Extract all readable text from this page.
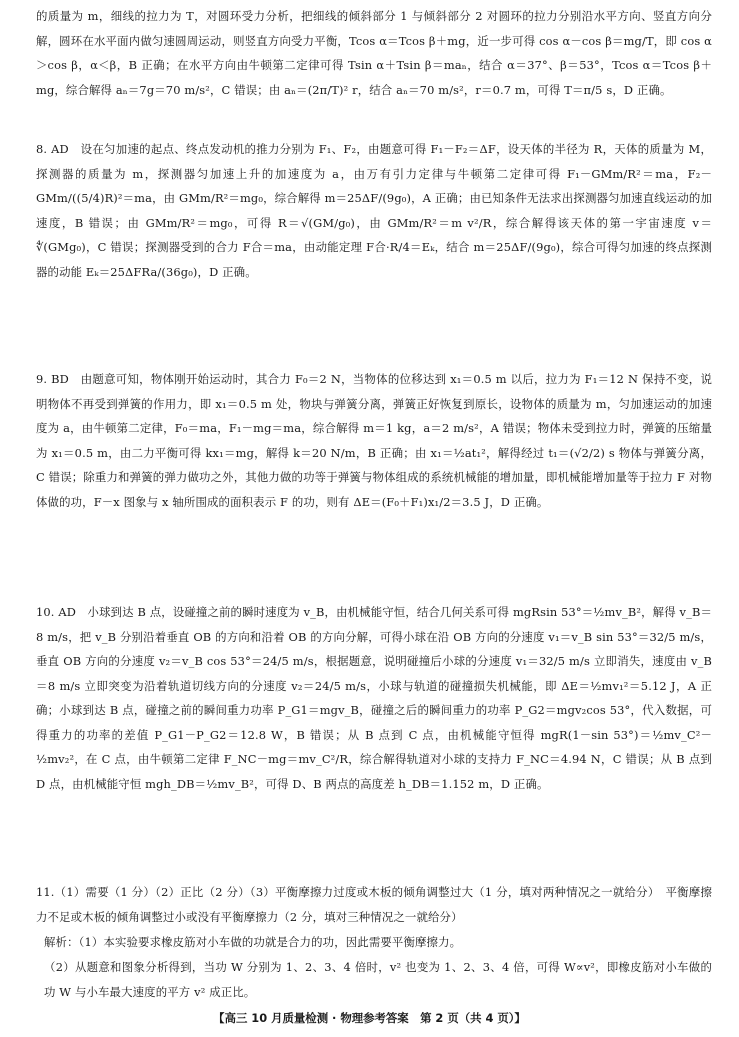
的质量为 m，细线的拉力为 T，对圆环受力分析，把细线的倾斜部分 1 与倾斜部分 2 对圆环的拉力分别沿水平方向、竖直方向分解，圆环在水平面内做匀速圆周运动，则竖直方向受力平衡，Tcos α＝Tcos β＋mg，近一步可得 cos α－cos β＝mg/T，即 cos α＞cos β，α＜β，B 正确；在水平方向由牛顿第二定律可得 Tsin α＋Tsin β＝maₙ，结合 α＝37°、β＝53°，Tcos α＝Tcos β＋mg，综合解得 aₙ＝7g＝70 m/s²，C 错误；由 aₙ＝(2π/T)² r，结合 aₙ＝70 m/s²，r＝0.7 m，可得 T＝π/5 s，D 正确。

8. AD　设在匀加速的起点、终点发动机的推力分别为 F₁、F₂，由题意可得 F₁－F₂＝ΔF，设天体的半径为 R，天体的质量为 M，探测器的质量为 m，探测器匀加速上升的加速度为 a，由万有引力定律与牛顿第二定律可得 F₁－GMm/R²＝ma，F₂－GMm/((5/4)R)²＝ma，由 GMm/R²＝mg₀，综合解得 m＝25ΔF/(9g₀)，A 正确；由已知条件无法求出探测器匀加速直线运动的加速度，B 错误；由 GMm/R²＝mg₀，可得 R＝√(GM/g₀)，由 GMm/R²＝m v²/R，综合解得该天体的第一宇宙速度 v＝∜(GMg₀)，C 错误；探测器受到的合力 F合＝ma，由动能定理 F合·R/4＝Eₖ，结合 m＝25ΔF/(9g₀)，综合可得匀加速的终点探测器的动能 Eₖ＝25ΔFRa/(36g₀)，D 正确。

9. BD　由题意可知，物体刚开始运动时，其合力 F₀＝2 N，当物体的位移达到 x₁＝0.5 m 以后，拉力为 F₁＝12 N 保持不变，说明物体不再受到弹簧的作用力，即 x₁＝0.5 m 处，物块与弹簧分离，弹簧正好恢复到原长，设物体的质量为 m，匀加速运动的加速度为 a，由牛顿第二定律，F₀＝ma，F₁－mg＝ma，综合解得 m＝1 kg，a＝2 m/s²，A 错误；物体未受到拉力时，弹簧的压缩量为 x₁＝0.5 m，由二力平衡可得 kx₁＝mg，解得 k＝20 N/m，B 正确；由 x₁＝½at₁²，解得经过 t₁＝(√2/2) s 物体与弹簧分离，C 错误；除重力和弹簧的弹力做功之外，其他力做的功等于弹簧与物体组成的系统机械能的增加量，即机械能增加量等于拉力 F 对物体做的功，F－x 图象与 x 轴所围成的面积表示 F 的功，则有 ΔE＝(F₀＋F₁)x₁/2＝3.5 J，D 正确。

10. AD　小球到达 B 点，设碰撞之前的瞬时速度为 v_B，由机械能守恒，结合几何关系可得 mgRsin 53°＝½mv_B²，解得 v_B＝8 m/s，把 v_B 分别沿着垂直 OB 的方向和沿着 OB 的方向分解，可得小球在沿 OB 方向的分速度 v₁＝v_B sin 53°＝32/5 m/s，垂直 OB 方向的分速度 v₂＝v_B cos 53°＝24/5 m/s，根据题意，说明碰撞后小球的分速度 v₁＝32/5 m/s 立即消失，速度由 v_B＝8 m/s 立即突变为沿着轨道切线方向的分速度 v₂＝24/5 m/s，小球与轨道的碰撞损失机械能，即 ΔE＝½mv₁²＝5.12 J，A 正确；小球到达 B 点，碰撞之前的瞬间重力功率 P_G1＝mgv_B，碰撞之后的瞬间重力的功率 P_G2＝mgv₂cos 53°，代入数据，可得重力的功率的差值 P_G1－P_G2＝12.8 W，B 错误；从 B 点到 C 点，由机械能守恒得 mgR(1－sin 53°)＝½mv_C²－½mv₂²，在 C 点，由牛顿第二定律 F_NC－mg＝mv_C²/R，综合解得轨道对小球的支持力 F_NC＝4.94 N，C 错误；从 B 点到 D 点，由机械能守恒 mgh_DB＝½mv_B²，可得 D、B 两点的高度差 h_DB＝1.152 m，D 正确。

11.（1）需要（1 分）（2）正比（2 分）（3）平衡摩擦力过度或木板的倾角调整过大（1 分，填对两种情况之一就给分）　平衡摩擦力不足或木板的倾角调整过小或没有平衡摩擦力（2 分，填对三种情况之一就给分）

解析：（1）本实验要求橡皮筋对小车做的功就是合力的功，因此需要平衡摩擦力。

（2）从题意和图象分析得到，当功 W 分别为 1、2、3、4 倍时，v² 也变为 1、2、3、4 倍，可得 W∝v²，即橡皮筋对小车做的功 W 与小车最大速度的平方 v² 成正比。

【高三 10 月质量检测 · 物理参考答案　第 2 页（共 4 页）】
